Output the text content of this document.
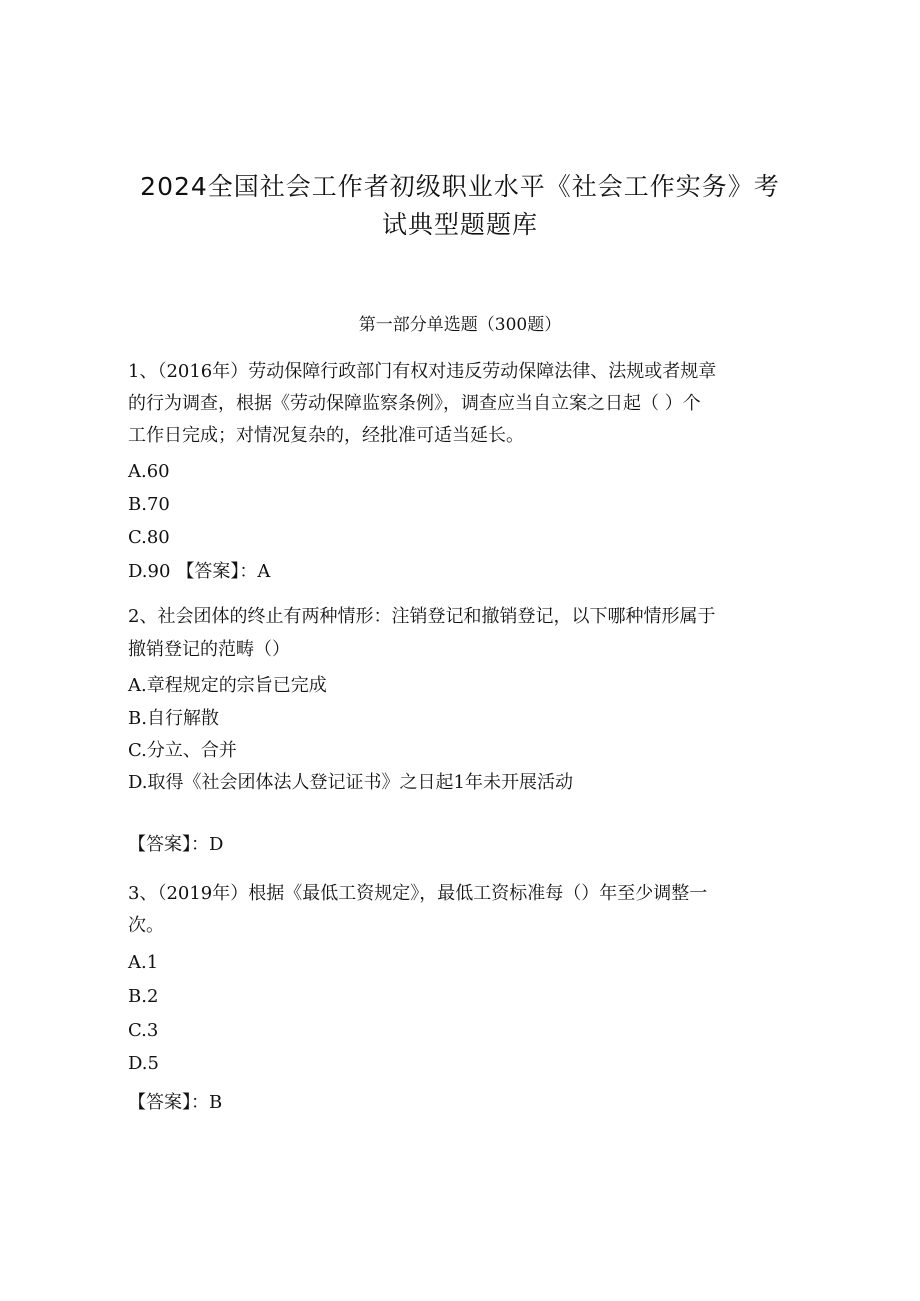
2024全国社会工作者初级职业水平《社会工作实务》考
试典型题题库
第一部分单选题（300题）
1、（2016年）劳动保障行政部门有权对违反劳动保障法律、法规或者规章
的行为调查，根据《劳动保障监察条例》，调查应当自立案之日起（ ）个
工作日完成；对情况复杂的，经批准可适当延长。
A.60
B.70
C.80
D.90 【答案】：A
2、社会团体的终止有两种情形：注销登记和撤销登记，以下哪种情形属于
撤销登记的范畴（）
A.章程规定的宗旨已完成
B.自行解散
C.分立、合并
D.取得《社会团体法人登记证书》之日起1年未开展活动
【答案】：D
3、（2019年）根据《最低工资规定》，最低工资标准每（）年至少调整一
次。
A.1
B.2
C.3
D.5
【答案】：B
